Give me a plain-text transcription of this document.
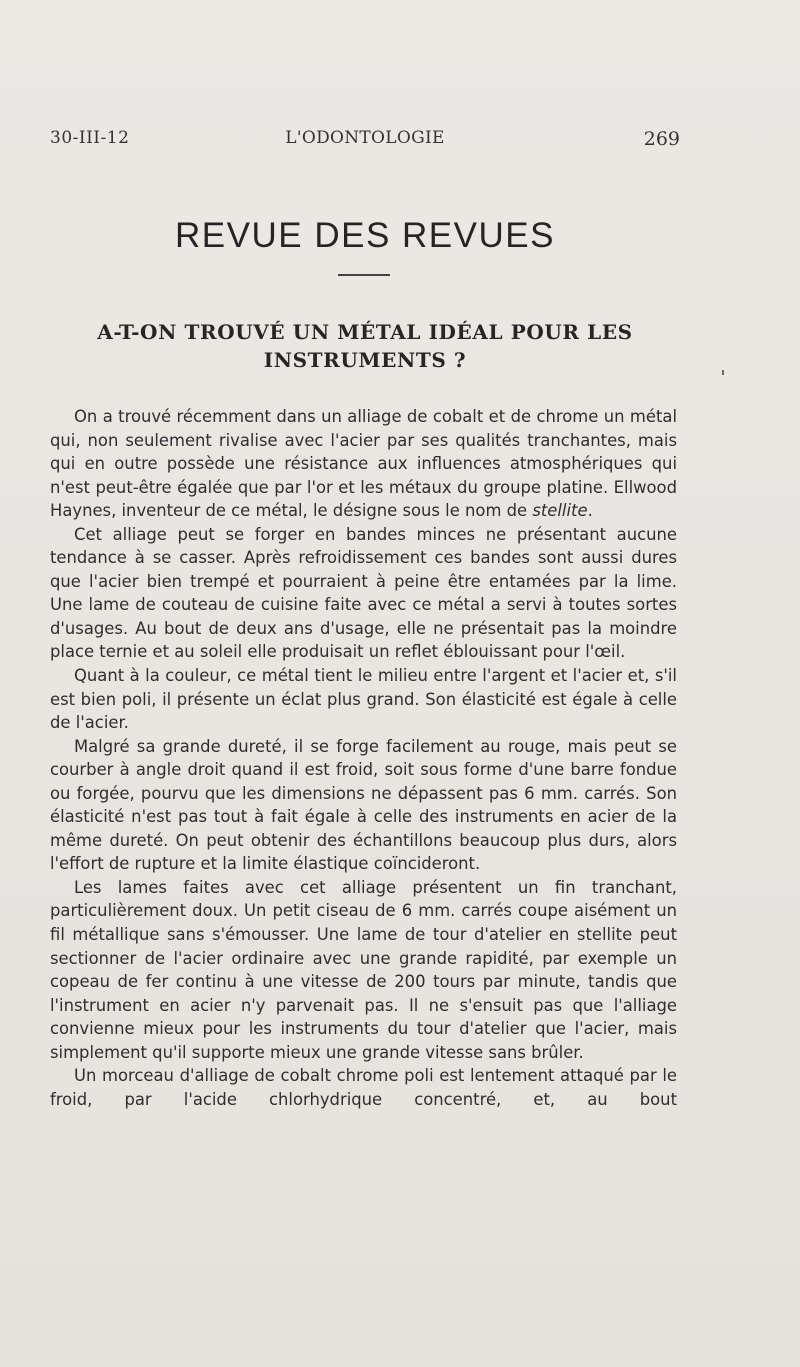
30-III-12	L'ODONTOLOGIE	269
REVUE DES REVUES
A-T-ON TROUVÉ UN MÉTAL IDÉAL POUR LES INSTRUMENTS ?

On a trouvé récemment dans un alliage de cobalt et de chrome un métal qui, non seulement rivalise avec l'acier par ses qualités tranchantes, mais qui en outre possède une résistance aux influences atmosphériques qui n'est peut-être égalée que par l'or et les métaux du groupe platine. Ellwood Haynes, inventeur de ce métal, le désigne sous le nom de stellite.

Cet alliage peut se forger en bandes minces ne présentant aucune tendance à se casser. Après refroidissement ces bandes sont aussi dures que l'acier bien trempé et pourraient à peine être entamées par la lime. Une lame de couteau de cuisine faite avec ce métal a servi à toutes sortes d'usages. Au bout de deux ans d'usage, elle ne présentait pas la moindre place ternie et au soleil elle produisait un reflet éblouissant pour l'œil.

Quant à la couleur, ce métal tient le milieu entre l'argent et l'acier et, s'il est bien poli, il présente un éclat plus grand. Son élasticité est égale à celle de l'acier.

Malgré sa grande dureté, il se forge facilement au rouge, mais peut se courber à angle droit quand il est froid, soit sous forme d'une barre fondue ou forgée, pourvu que les dimensions ne dépassent pas 6 mm. carrés. Son élasticité n'est pas tout à fait égale à celle des instruments en acier de la même dureté. On peut obtenir des échantillons beaucoup plus durs, alors l'effort de rupture et la limite élastique coïncideront.

Les lames faites avec cet alliage présentent un fin tranchant, particulièrement doux. Un petit ciseau de 6 mm. carrés coupe aisément un fil métallique sans s'émousser. Une lame de tour d'atelier en stellite peut sectionner de l'acier ordinaire avec une grande rapidité, par exemple un copeau de fer continu à une vitesse de 200 tours par minute, tandis que l'instrument en acier n'y parvenait pas. Il ne s'ensuit pas que l'alliage convienne mieux pour les instruments du tour d'atelier que l'acier, mais simplement qu'il supporte mieux une grande vitesse sans brûler.

Un morceau d'alliage de cobalt chrome poli est lentement attaqué par le froid, par l'acide chlorhydrique concentré, et, au bout
